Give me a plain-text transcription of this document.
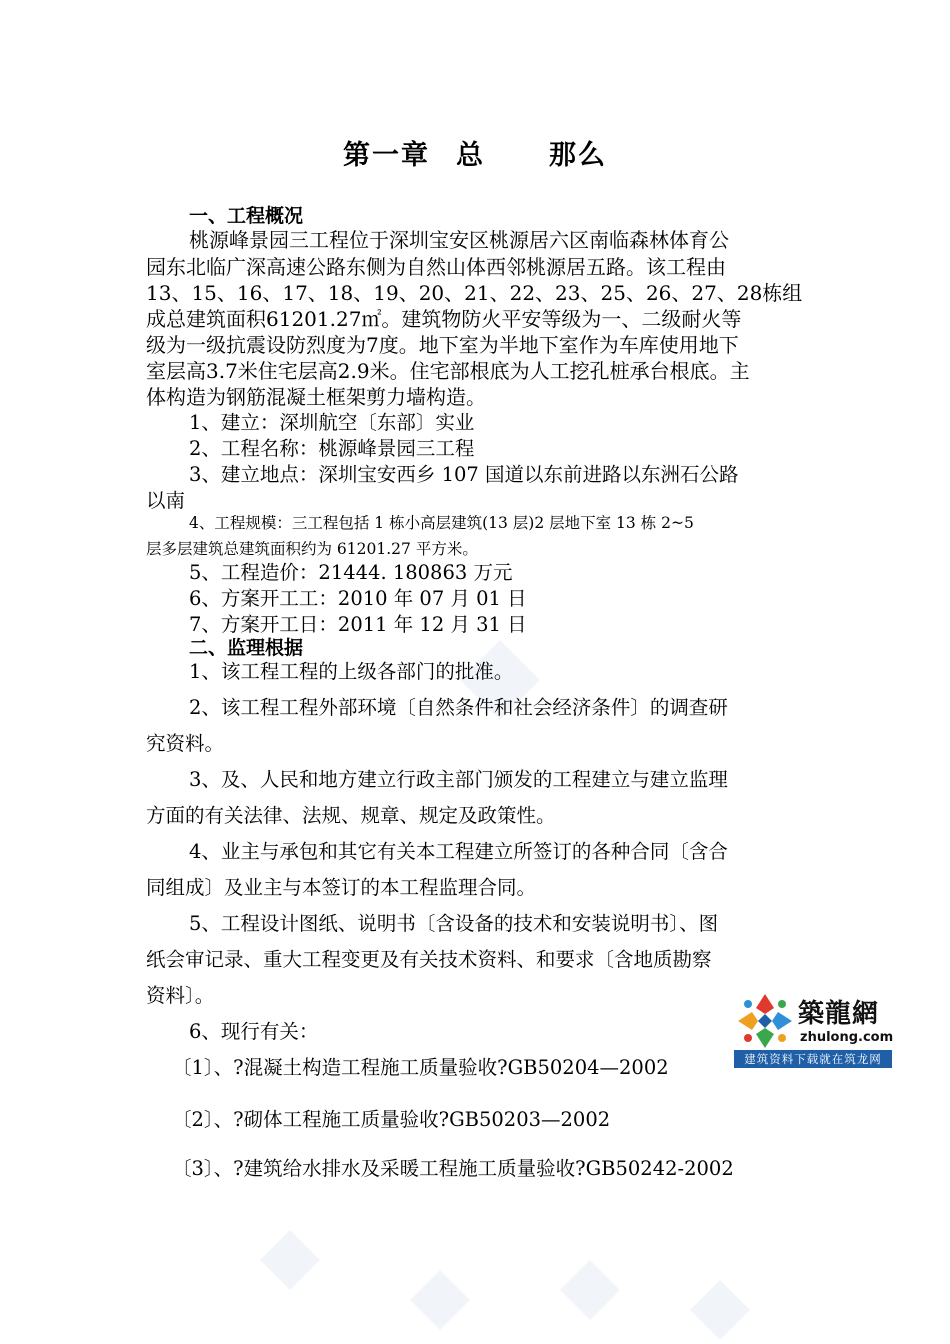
第一章 总 那么
一、工程概况
桃源峰景园三工程位于深圳宝安区桃源居六区南临森林体育公
园东北临广深高速公路东侧为自然山体西邻桃源居五路。该工程由
13、15、16、17、18、19、20、21、22、23、25、26、27、28栋组
成总建筑面积61201.27㎡。建筑物防火平安等级为一、二级耐火等
级为一级抗震设防烈度为7度。地下室为半地下室作为车库使用地下
室层高3.7米住宅层高2.9米。住宅部根底为人工挖孔桩承台根底。主
体构造为钢筋混凝土框架剪力墙构造。
1、建立：深圳航空〔东部〕实业
2、工程名称：桃源峰景园三工程
3、建立地点：深圳宝安西乡 107 国道以东前进路以东洲石公路
以南
4、工程规模：三工程包括 1 栋小高层建筑(13 层)2 层地下室 13 栋 2~5
层多层建筑总建筑面积约为 61201.27 平方米。
5、工程造价：21444. 180863 万元
6、方案开工工：2010 年 07 月 01 日
7、方案开工日：2011 年 12 月 31 日
二、监理根据
1、该工程工程的上级各部门的批准。
2、该工程工程外部环境〔自然条件和社会经济条件〕的调查研
究资料。
3、及、人民和地方建立行政主部门颁发的工程建立与建立监理
方面的有关法律、法规、规章、规定及政策性。
4、业主与承包和其它有关本工程建立所签订的各种合同〔含合
同组成〕及业主与本签订的本工程监理合同。
5、工程设计图纸、说明书〔含设备的技术和安装说明书〕、图
纸会审记录、重大工程变更及有关技术资料、和要求〔含地质勘察
资料〕。
6、现行有关：
〔1〕、?混凝土构造工程施工质量验收?GB50204—2002
〔2〕、?砌体工程施工质量验收?GB50203—2002
〔3〕、?建筑给水排水及采暖工程施工质量验收?GB50242-2002
築龍網
zhulong.com
建筑资料下载就在筑龙网
